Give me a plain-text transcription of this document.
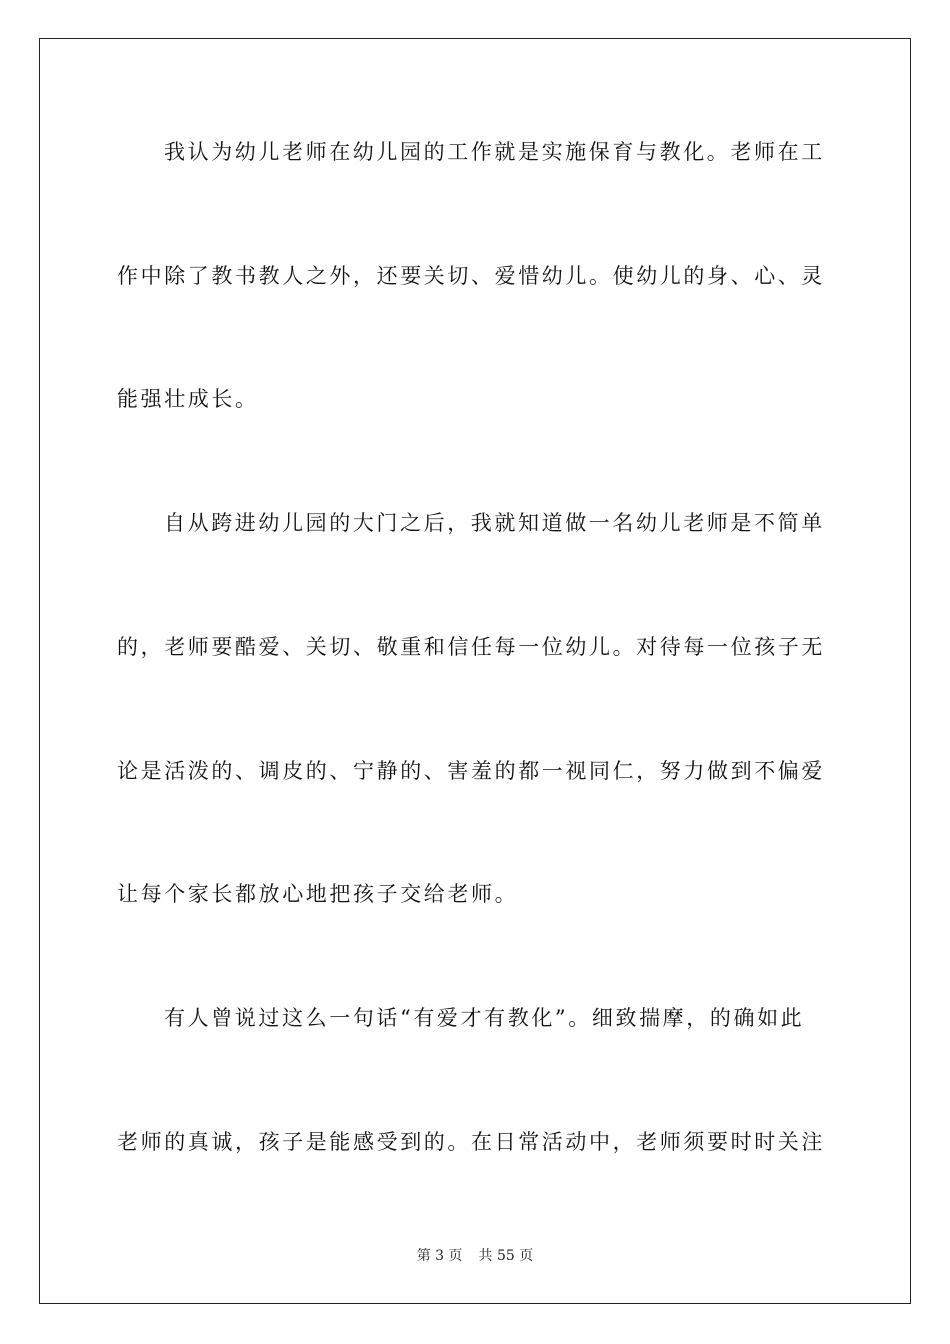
我认为幼儿老师在幼儿园的工作就是实施保育与教化。老师在工
作中除了教书教人之外，还要关切、爱惜幼儿。使幼儿的身、心、灵
能强壮成长。
自从跨进幼儿园的大门之后，我就知道做一名幼儿老师是不简单
的，老师要酷爱、关切、敬重和信任每一位幼儿。对待每一位孩子无
论是活泼的、调皮的、宁静的、害羞的都一视同仁，努力做到不偏爱
让每个家长都放心地把孩子交给老师。
有人曾说过这么一句话“有爱才有教化”。细致揣摩，的确如此
老师的真诚，孩子是能感受到的。在日常活动中，老师须要时时关注
第 3 页 共 55 页
